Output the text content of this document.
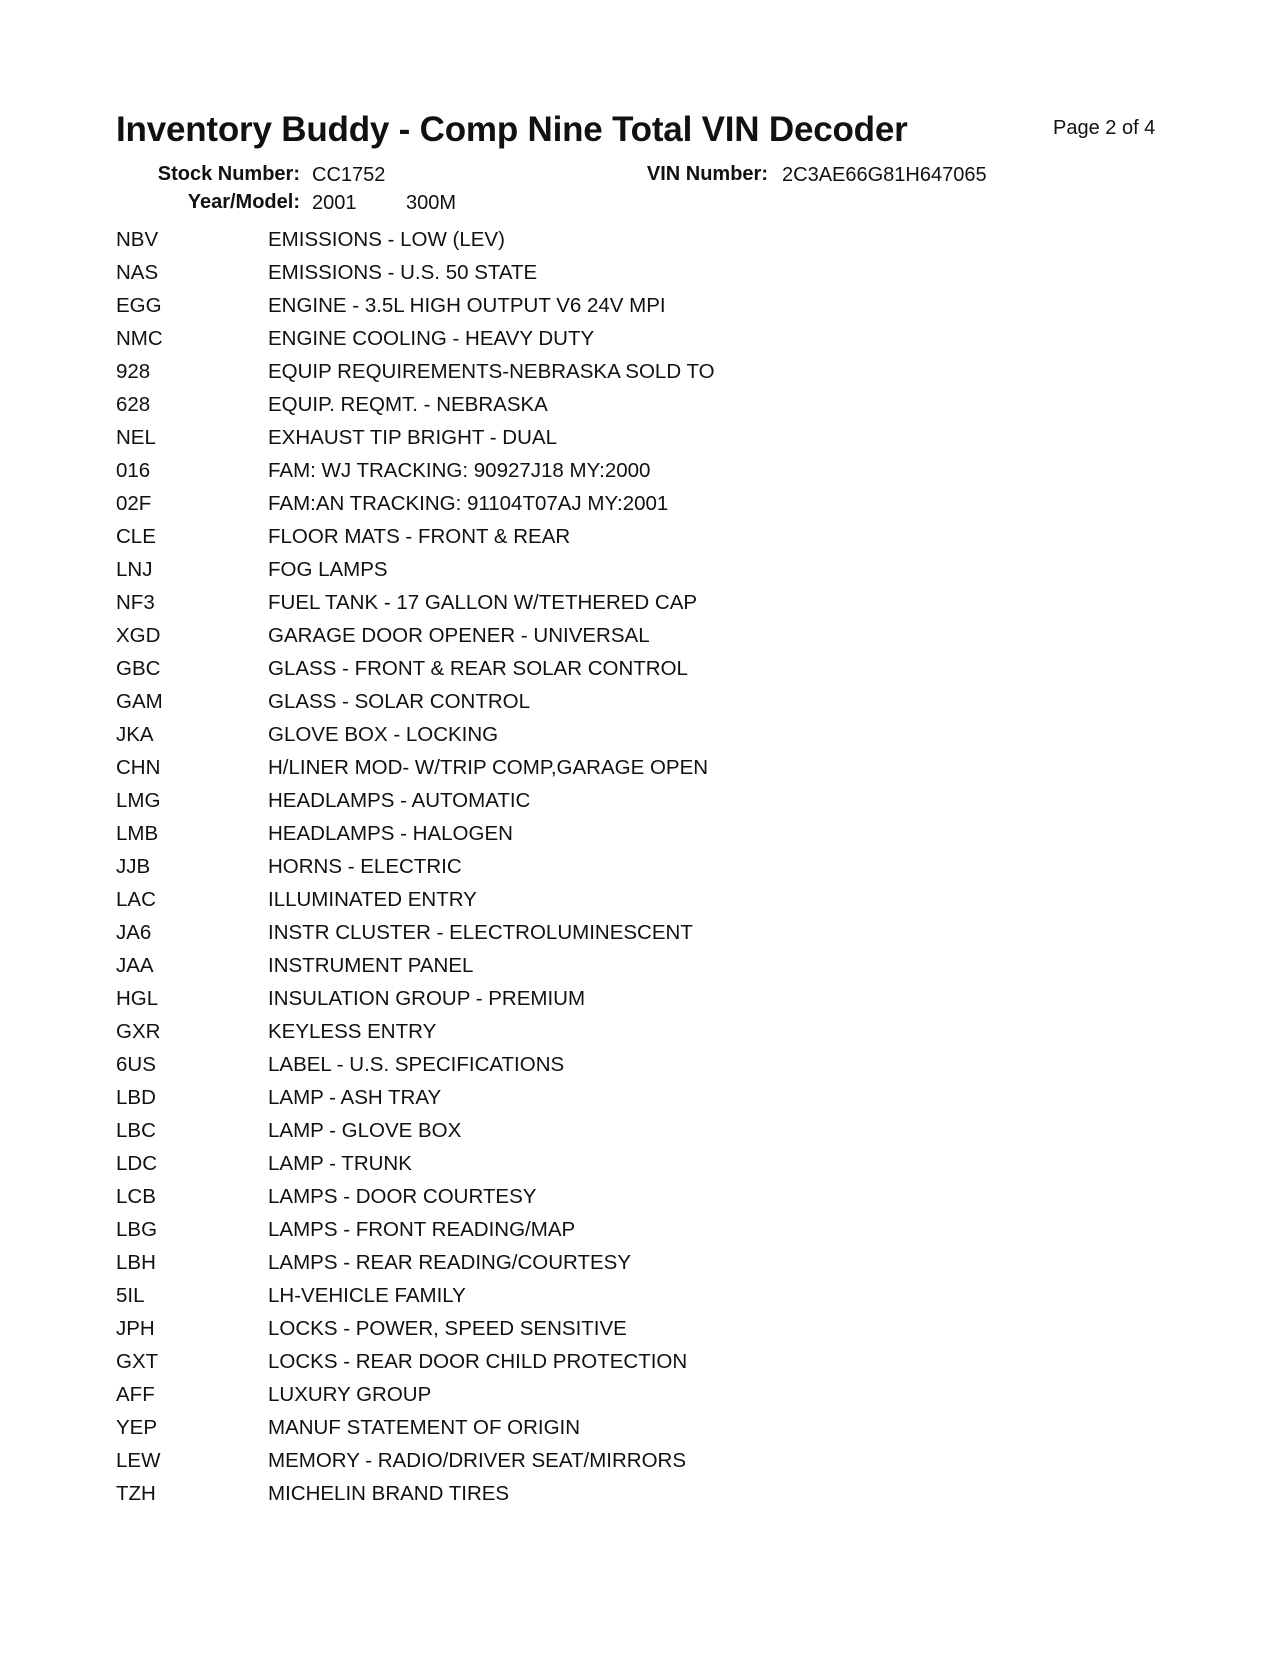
Inventory Buddy - Comp Nine Total VIN Decoder	Page 2 of 4
Stock Number: CC1752	VIN Number: 2C3AE66G81H647065
Year/Model: 2001 300M
NBV	EMISSIONS - LOW (LEV)
NAS	EMISSIONS - U.S. 50 STATE
EGG	ENGINE - 3.5L HIGH OUTPUT V6 24V MPI
NMC	ENGINE COOLING - HEAVY DUTY
928	EQUIP REQUIREMENTS-NEBRASKA SOLD TO
628	EQUIP. REQMT. - NEBRASKA
NEL	EXHAUST TIP BRIGHT - DUAL
016	FAM: WJ TRACKING: 90927J18 MY:2000
02F	FAM:AN TRACKING: 91104T07AJ MY:2001
CLE	FLOOR MATS - FRONT & REAR
LNJ	FOG LAMPS
NF3	FUEL TANK - 17 GALLON W/TETHERED CAP
XGD	GARAGE DOOR OPENER - UNIVERSAL
GBC	GLASS - FRONT & REAR SOLAR CONTROL
GAM	GLASS - SOLAR CONTROL
JKA	GLOVE BOX - LOCKING
CHN	H/LINER MOD- W/TRIP COMP,GARAGE OPEN
LMG	HEADLAMPS - AUTOMATIC
LMB	HEADLAMPS - HALOGEN
JJB	HORNS - ELECTRIC
LAC	ILLUMINATED ENTRY
JA6	INSTR CLUSTER - ELECTROLUMINESCENT
JAA	INSTRUMENT PANEL
HGL	INSULATION GROUP - PREMIUM
GXR	KEYLESS ENTRY
6US	LABEL - U.S. SPECIFICATIONS
LBD	LAMP - ASH TRAY
LBC	LAMP - GLOVE BOX
LDC	LAMP - TRUNK
LCB	LAMPS - DOOR COURTESY
LBG	LAMPS - FRONT READING/MAP
LBH	LAMPS - REAR READING/COURTESY
5IL	LH-VEHICLE FAMILY
JPH	LOCKS - POWER, SPEED SENSITIVE
GXT	LOCKS - REAR DOOR CHILD PROTECTION
AFF	LUXURY GROUP
YEP	MANUF STATEMENT OF ORIGIN
LEW	MEMORY - RADIO/DRIVER SEAT/MIRRORS
TZH	MICHELIN BRAND TIRES
